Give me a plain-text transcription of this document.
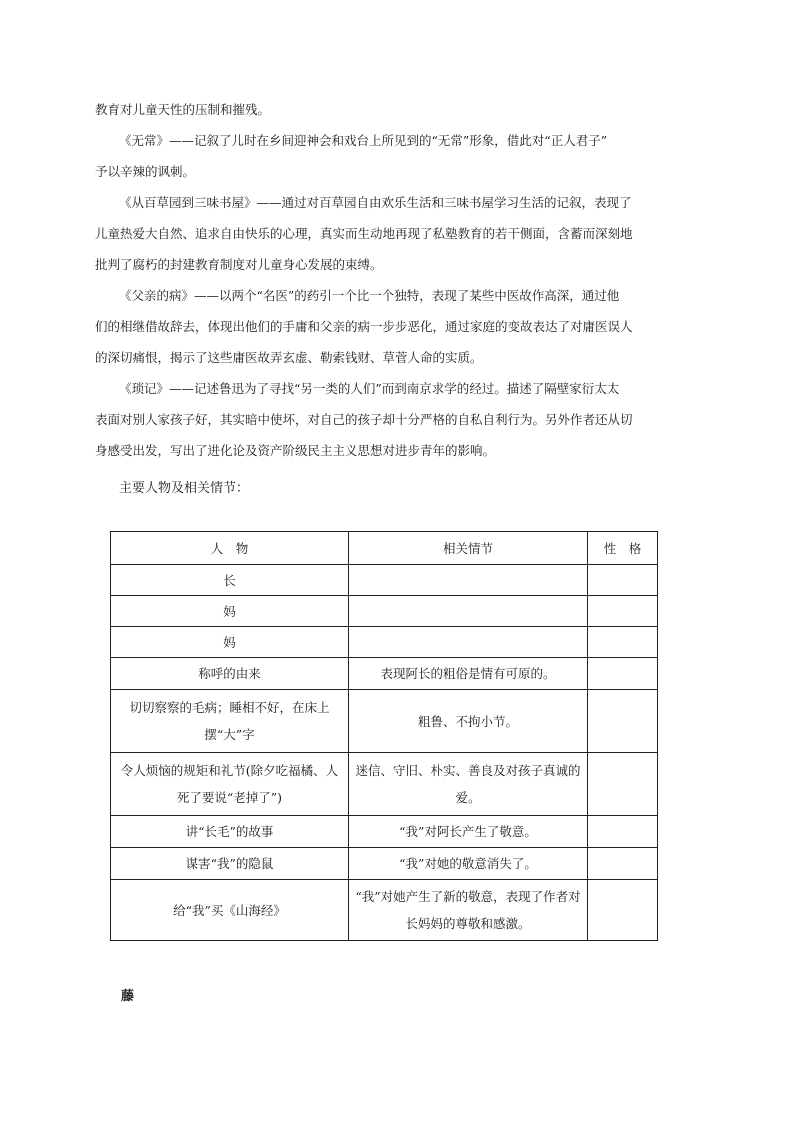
教育对儿童天性的压制和摧残。

《无常》——记叙了儿时在乡间迎神会和戏台上所见到的“无常”形象，借此对“正人君子”
予以辛辣的讽刺。
《从百草园到三味书屋》——通过对百草园自由欢乐生活和三味书屋学习生活的记叙，表现了
儿童热爱大自然、追求自由快乐的心理，真实而生动地再现了私塾教育的若干侧面，含蓄而深刻地
批判了腐朽的封建教育制度对儿童身心发展的束缚。
《父亲的病》——以两个“名医”的药引一个比一个独特，表现了某些中医故作高深，通过他
们的相继借故辞去，体现出他们的手庸和父亲的病一步步恶化，通过家庭的变故表达了对庸医误人
的深切痛恨，揭示了这些庸医故弄玄虚、勒索钱财、草菅人命的实质。
《琐记》——记述鲁迅为了寻找“另一类的人们”而到南京求学的经过。描述了隔壁家衍太太
表面对别人家孩子好，其实暗中使坏，对自己的孩子却十分严格的自私自利行为。另外作者还从切
身感受出发，写出了进化论及资产阶级民主主义思想对进步青年的影响。

主要人物及相关情节：

人　物	相关情节	性　格
长		
妈		
妈		
称呼的由来	表现阿长的粗俗是情有可原的。	
切切察察的毛病；睡相不好，在床上摆“大”字	粗鲁、不拘小节。	
令人烦恼的规矩和礼节(除夕吃福橘、人死了要说“老掉了”)	迷信、守旧、朴实、善良及对孩子真诚的爱。	
讲“长毛”的故事	“我”对阿长产生了敬意。	
谋害“我”的隐鼠	“我”对她的敬意消失了。	
给“我”买《山海经》	“我”对她产生了新的敬意，表现了作者对长妈妈的尊敬和感激。	
藤
